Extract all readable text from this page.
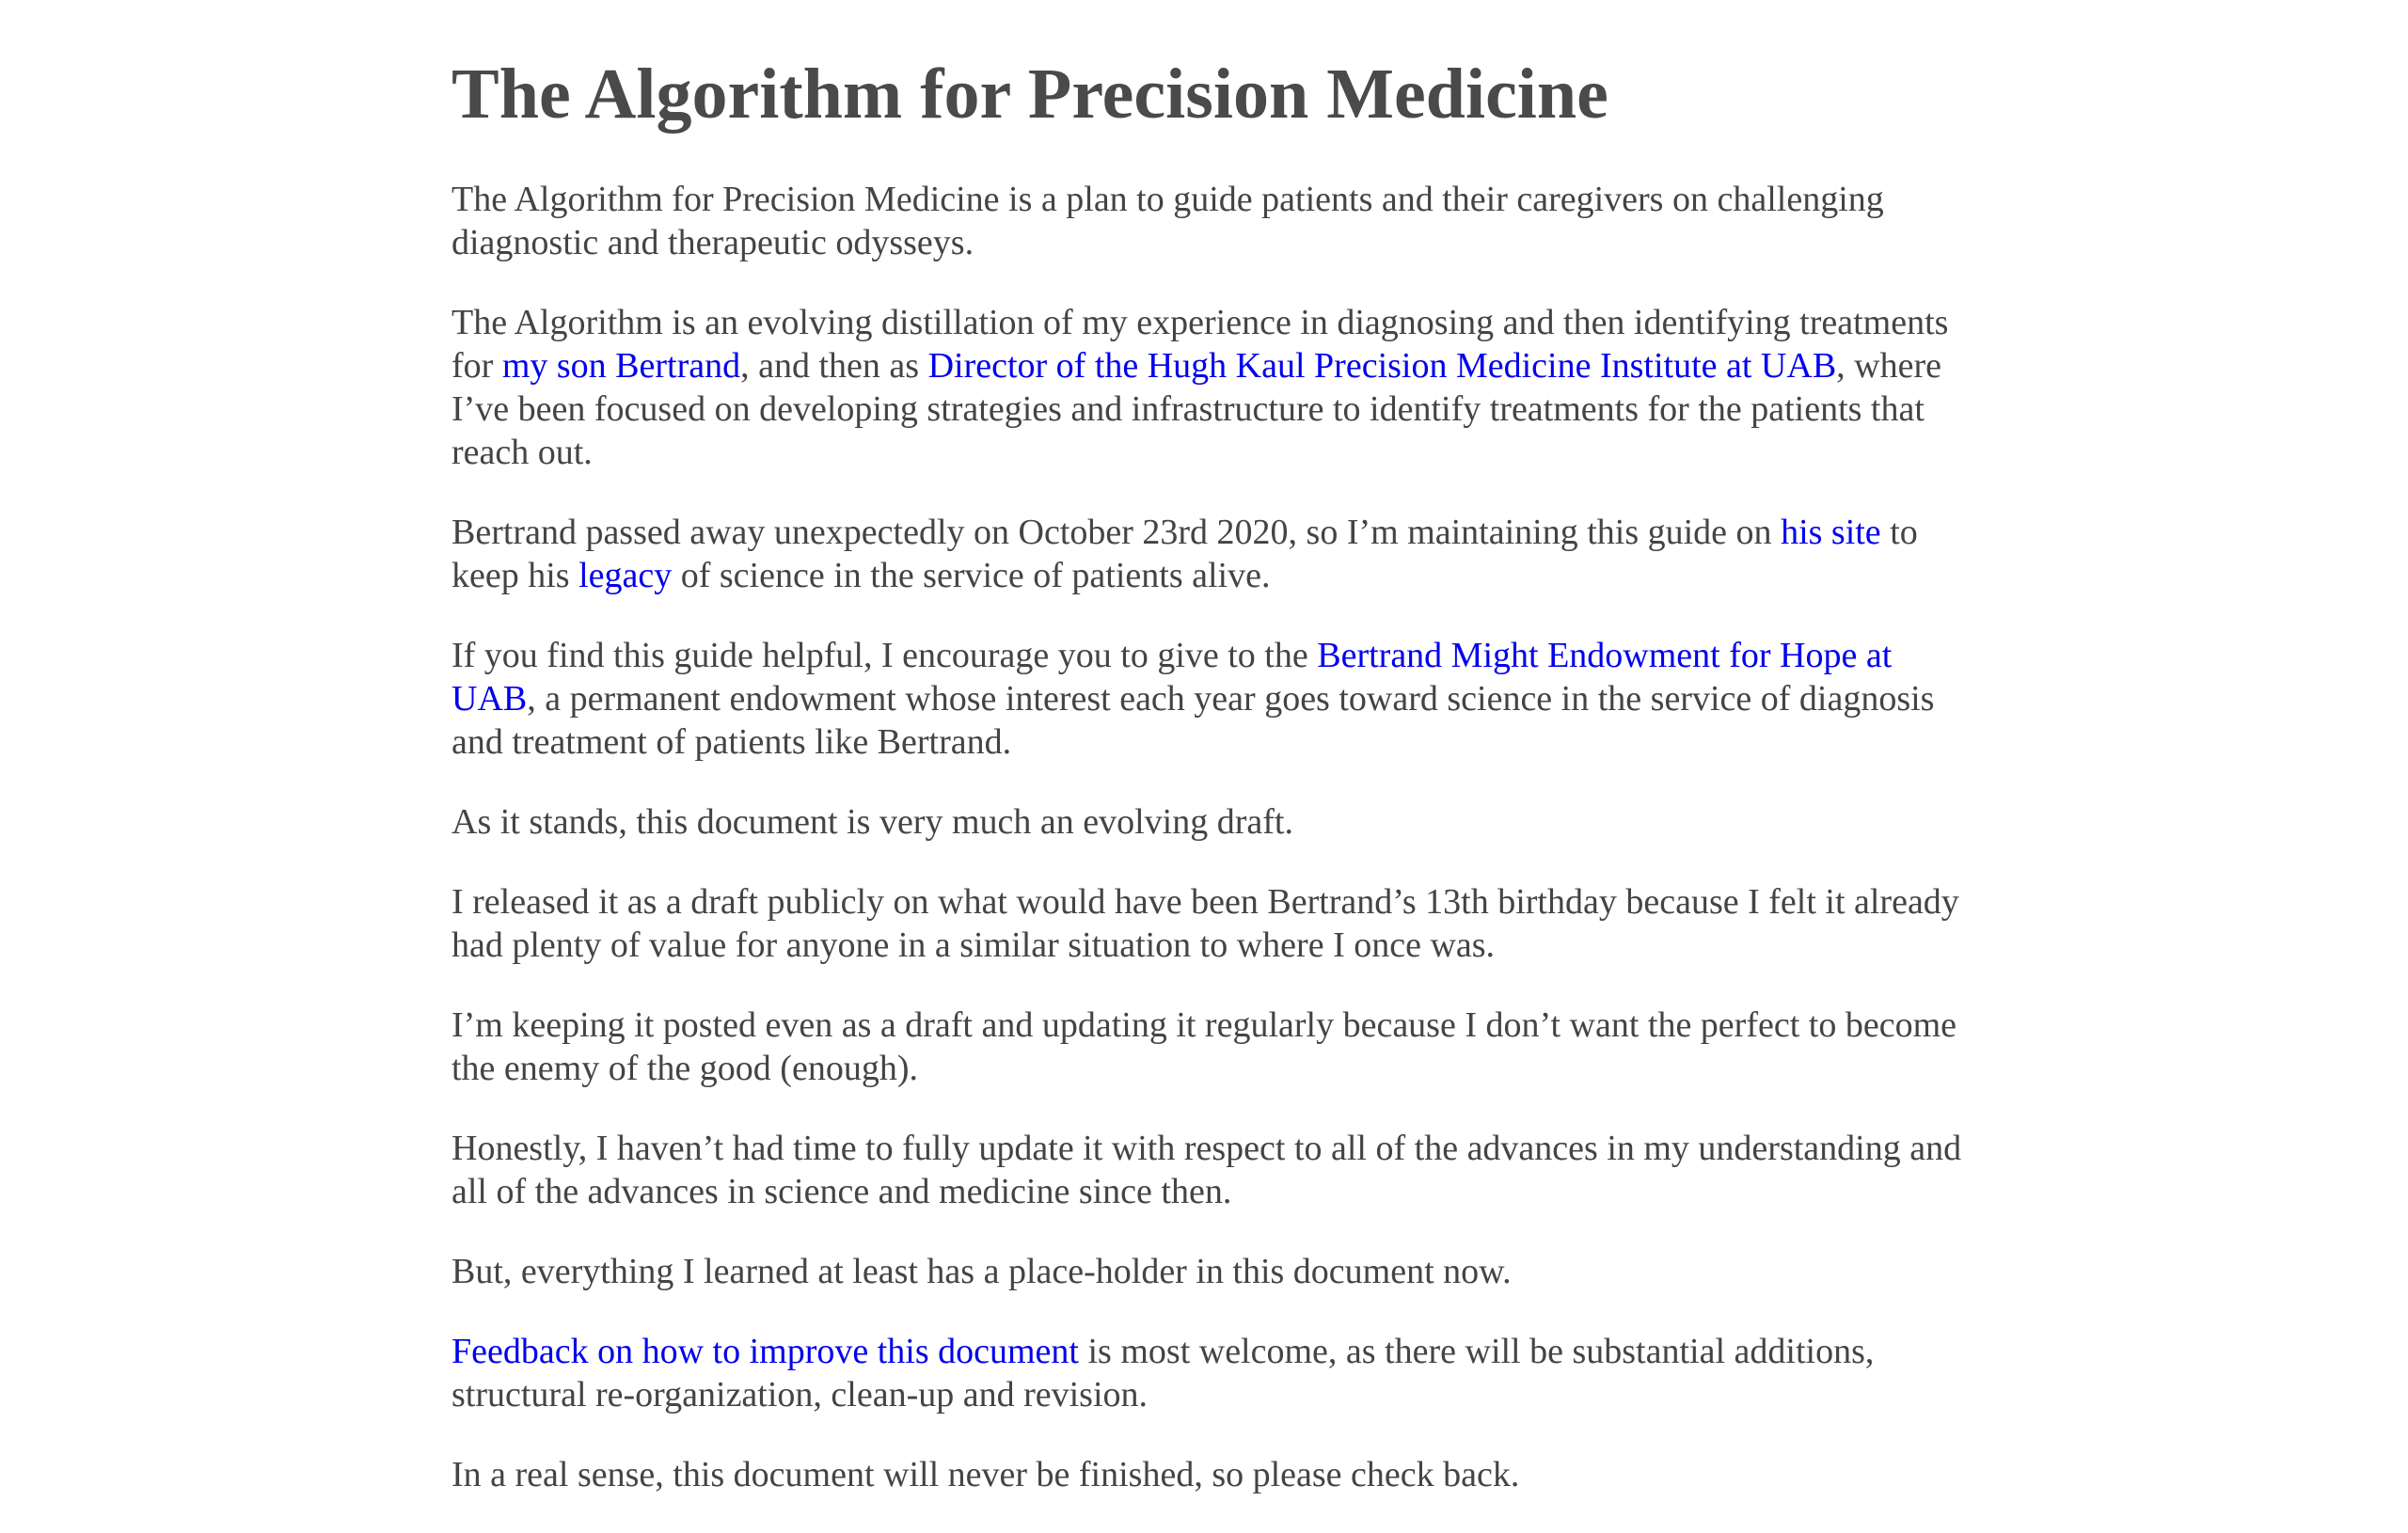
The Algorithm for Precision Medicine

The Algorithm for Precision Medicine is a plan to guide patients and their caregivers on challenging diagnostic and therapeutic odysseys.

The Algorithm is an evolving distillation of my experience in diagnosing and then identifying treatments for my son Bertrand, and then as Director of the Hugh Kaul Precision Medicine Institute at UAB, where I’ve been focused on developing strategies and infrastructure to identify treatments for the patients that reach out.

Bertrand passed away unexpectedly on October 23rd 2020, so I’m maintaining this guide on his site to keep his legacy of science in the service of patients alive.

If you find this guide helpful, I encourage you to give to the Bertrand Might Endowment for Hope at UAB, a permanent endowment whose interest each year goes toward science in the service of diagnosis and treatment of patients like Bertrand.

As it stands, this document is very much an evolving draft.

I released it as a draft publicly on what would have been Bertrand’s 13th birthday because I felt it already had plenty of value for anyone in a similar situation to where I once was.

I’m keeping it posted even as a draft and updating it regularly because I don’t want the perfect to become the enemy of the good (enough).

Honestly, I haven’t had time to fully update it with respect to all of the advances in my understanding and all of the advances in science and medicine since then.

But, everything I learned at least has a place-holder in this document now.

Feedback on how to improve this document is most welcome, as there will be substantial additions, structural re-organization, clean-up and revision.

In a real sense, this document will never be finished, so please check back.
